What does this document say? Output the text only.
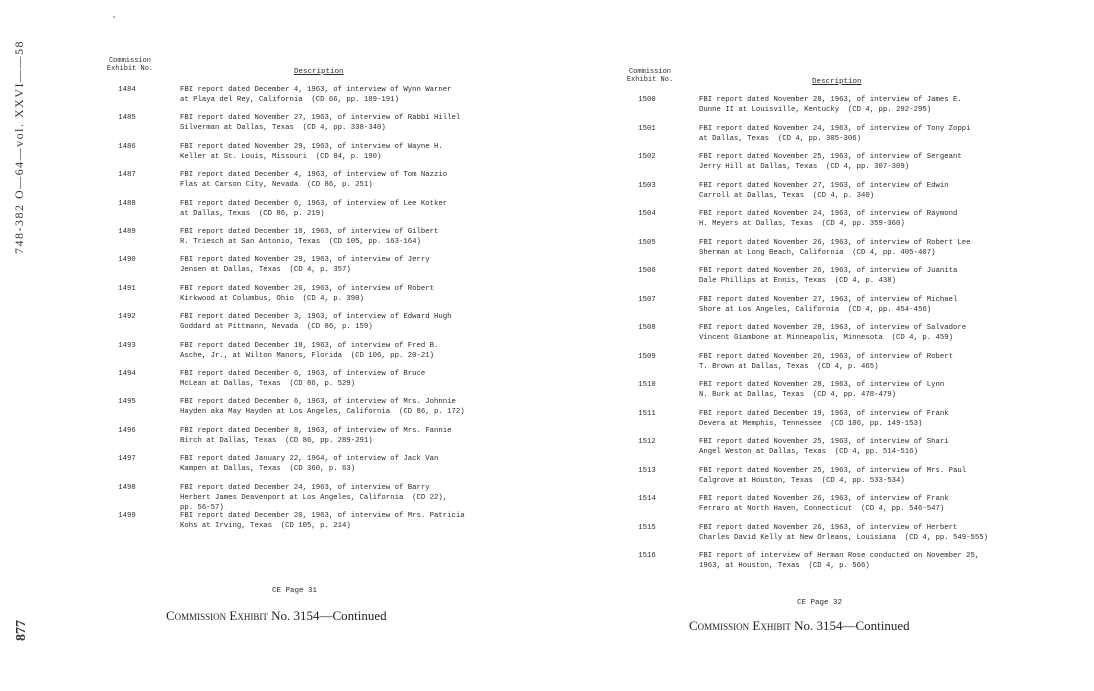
748-382 O—64—vol. XXVI——58
877
Commission
Exhibit No.	Description
1484	FBI report dated December 4, 1963, of interview of Wynn Warner
at Playa del Rey, California  (CD 66, pp. 189-191)
1485	FBI report dated November 27, 1963, of interview of Rabbi Hillel
Silverman at Dallas, Texas  (CD 4, pp. 338-340)
1486	FBI report dated November 29, 1963, of interview of Wayne H.
Keller at St. Louis, Missouri  (CD 84, p. 190)
1487	FBI report dated December 4, 1963, of interview of Tom Nazzio
Flas at Carson City, Nevada  (CD 86, p. 251)
1488	FBI report dated December 6, 1963, of interview of Lee Kotker
at Dallas, Texas  (CD 86, p. 219)
1489	FBI report dated December 18, 1963, of interview of Gilbert
R. Triesch at San Antonio, Texas  (CD 105, pp. 163-164)
1490	FBI report dated November 29, 1963, of interview of Jerry
Jensen at Dallas, Texas  (CD 4, p. 357)
1491	FBI report dated November 26, 1963, of interview of Robert
Kirkwood at Columbus, Ohio  (CD 4, p. 390)
1492	FBI report dated December 3, 1963, of interview of Edward Hugh
Goddard at Pittmann, Nevada  (CD 86, p. 159)
1493	FBI report dated December 18, 1963, of interview of Fred B.
Asche, Jr., at Wilton Manors, Florida  (CD 106, pp. 20-21)
1494	FBI report dated December 6, 1963, of interview of Bruce
McLean at Dallas, Texas  (CD 86, p. 529)
1495	FBI report dated December 6, 1963, of interview of Mrs. Johnnie
Hayden aka May Hayden at Los Angeles, California  (CD 86, p. 172)
1496	FBI report dated December 8, 1963, of interview of Mrs. Fannie
Birch at Dallas, Texas  (CD 86, pp. 289-291)
1497	FBI report dated January 22, 1964, of interview of Jack Van
Kampen at Dallas, Texas  (CD 360, p. 63)
1498	FBI report dated December 24, 1963, of interview of Barry
Herbert James Deavenport at Los Angeles, California  (CD 22),
pp. 56-57)
1499	FBI report dated December 20, 1963, of interview of Mrs. Patricia
Kohs at Irving, Texas  (CD 105, p. 214)
CE Page 31
Commission Exhibit No. 3154—Continued
Commission
Exhibit No.	Description
1500	FBI report dated November 28, 1963, of interview of James E.
Dunne II at Louisville, Kentucky  (CD 4, pp. 292-295)
1501	FBI report dated November 24, 1963, of interview of Tony Zoppi
at Dallas, Texas  (CD 4, pp. 305-306)
1502	FBI report dated November 25, 1963, of interview of Sergeant
Jerry Hill at Dallas, Texas  (CD 4, pp. 307-309)
1503	FBI report dated November 27, 1963, of interview of Edwin
Carroll at Dallas, Texas  (CD 4, p. 340)
1504	FBI report dated November 24, 1963, of interview of Raymond
H. Meyers at Dallas, Texas  (CD 4, pp. 359-360)
1505	FBI report dated November 26, 1963, of interview of Robert Lee
Sherman at Long Beach, California  (CD 4, pp. 405-407)
1506	FBI report dated November 26, 1963, of interview of Juanita
Dale Phillips at Ennis, Texas  (CD 4, p. 438)
1507	FBI report dated November 27, 1963, of interview of Michael
Shore at Los Angeles, California  (CD 4, pp. 454-456)
1508	FBI report dated November 28, 1963, of interview of Salvadore
Vincent Giambone at Minneapolis, Minnesota  (CD 4, p. 459)
1509	FBI report dated November 26, 1963, of interview of Robert
T. Brown at Dallas, Texas  (CD 4, p. 465)
1510	FBI report dated November 28, 1963, of interview of Lynn
N. Burk at Dallas, Texas  (CD 4, pp. 478-479)
1511	FBI report dated December 19, 1963, of interview of Frank
Devera at Memphis, Tennessee  (CD 106, pp. 149-153)
1512	FBI report dated November 25, 1963, of interview of Shari
Angel Weston at Dallas, Texas  (CD 4, pp. 514-516)
1513	FBI report dated November 25, 1963, of interview of Mrs. Paul
Calgrove at Houston, Texas  (CD 4, pp. 533-534)
1514	FBI report dated November 26, 1963, of interview of Frank
Ferraro at North Haven, Connecticut  (CD 4, pp. 546-547)
1515	FBI report dated November 26, 1963, of interview of Herbert
Charles David Kelly at New Orleans, Louisiana  (CD 4, pp. 549-555)
1516	FBI report of interview of Herman Rose conducted on November 25,
1963, at Houston, Texas  (CD 4, p. 566)
CE Page 32
Commission Exhibit No. 3154—Continued
